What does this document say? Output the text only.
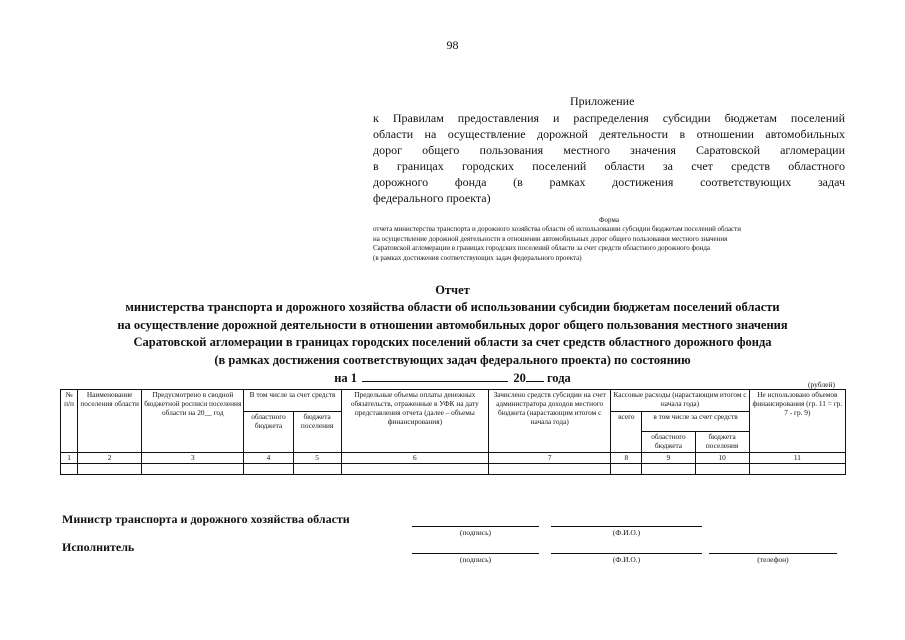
98
Приложение
к Правилам предоставления и распределения субсидии бюджетам поселений
области на осуществление дорожной деятельности в отношении автомобильных
дорог общего пользования местного значения Саратовской агломерации
в границах городских поселений области за счет средств областного
дорожного фонда (в рамках достижения соответствующих задач
федерального проекта)
Форма
отчета министерства транспорта и дорожного хозяйства области об использовании субсидии бюджетам поселений области
на осуществление дорожной деятельности в отношении автомобильных дорог общего пользования местного значения
Саратовской агломерации в границах городских поселений области за счет средств областного дорожного фонда
(в рамках достижения соответствующих задач федерального проекта)
Отчет
министерства транспорта и дорожного хозяйства области об использовании субсидии бюджетам поселений области
на осуществление дорожной деятельности в отношении автомобильных дорог общего пользования местного значения
Саратовской агломерации в границах городских поселений области за счет средств областного дорожного фонда
(в рамках достижения соответствующих задач федерального проекта) по состоянию
на 1	20 года	(рублей)
№ п/п	Наименование поселения области	Предусмотрено в сводной бюджетной росписи поселения области на 20__ год	В том числе за счет средств		Предельные объемы оплаты денежных обязательств, отраженные в УФК на дату представления отчета (далее – объемы финансирования)	Зачислено средств субсидии на счет администратора доходов местного бюджета (нарастающим итогом с начала года)	Кассовые расходы (нарастающим итогом с начала года)			Не использовано объемов финансирования (гр. 11 = гр. 7 - гр. 9)
			областного бюджета	бюджета поселения			всего	в том числе за счет средств		
								областного бюджета	бюджета поселения	
1	2	3	4	5	6	7	8	9	10	11

Министр транспорта и дорожного хозяйства области
(подпись)	(Ф.И.О.)
Исполнитель
(подпись)	(Ф.И.О.)	(телефон)
